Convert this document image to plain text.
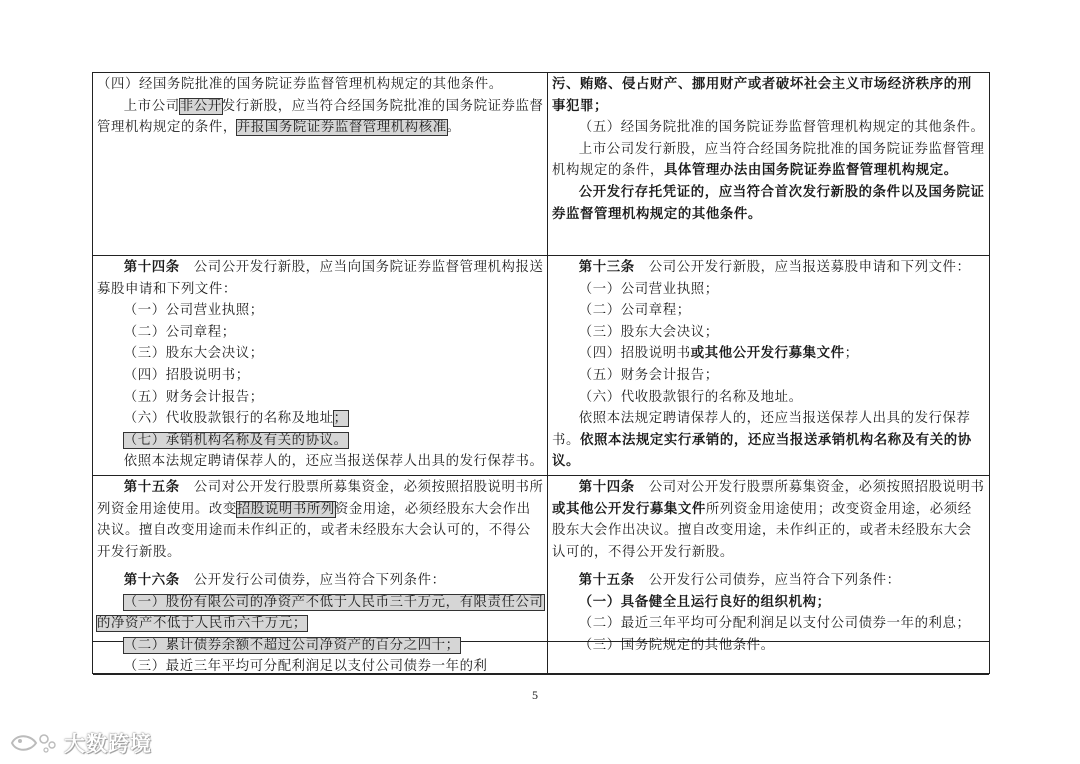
（四）经国务院批准的国务院证券监督管理机构规定的其他条件。

上市公司非公开发行新股，应当符合经国务院批准的国务院证券监督管理机构规定的条件，并报国务院证券监督管理机构核准。

污、贿赂、侵占财产、挪用财产或者破坏社会主义市场经济秩序的刑事犯罪；

（五）经国务院批准的国务院证券监督管理机构规定的其他条件。

上市公司发行新股，应当符合经国务院批准的国务院证券监督管理机构规定的条件，具体管理办法由国务院证券监督管理机构规定。

公开发行存托凭证的，应当符合首次发行新股的条件以及国务院证券监督管理机构规定的其他条件。

第十四条　公司公开发行新股，应当向国务院证券监督管理机构报送募股申请和下列文件：

（一）公司营业执照；

（二）公司章程；

（三）股东大会决议；

（四）招股说明书；

（五）财务会计报告；

（六）代收股款银行的名称及地址；

（七）承销机构名称及有关的协议。

依照本法规定聘请保荐人的，还应当报送保荐人出具的发行保荐书。

第十三条　公司公开发行新股，应当报送募股申请和下列文件：

（一）公司营业执照；

（二）公司章程；

（三）股东大会决议；

（四）招股说明书或其他公开发行募集文件；

（五）财务会计报告；

（六）代收股款银行的名称及地址。

依照本法规定聘请保荐人的，还应当报送保荐人出具的发行保荐书。依照本法规定实行承销的，还应当报送承销机构名称及有关的协议。

第十五条　公司对公开发行股票所募集资金，必须按照招股说明书所列资金用途使用。改变招股说明书所列资金用途，必须经股东大会作出决议。擅自改变用途而未作纠正的，或者未经股东大会认可的，不得公开发行新股。

第十四条　公司对公开发行股票所募集资金，必须按照招股说明书或其他公开发行募集文件所列资金用途使用；改变资金用途，必须经股东大会作出决议。擅自改变用途，未作纠正的，或者未经股东大会认可的，不得公开发行新股。

第十六条　公开发行公司债券，应当符合下列条件：

（一）股份有限公司的净资产不低于人民币三千万元，有限责任公司的净资产不低于人民币六千万元；

（二）累计债券余额不超过公司净资产的百分之四十；

（三）最近三年平均可分配利润足以支付公司债券一年的利

第十五条　公开发行公司债券，应当符合下列条件：

（一）具备健全且运行良好的组织机构；

（二）最近三年平均可分配利润足以支付公司债券一年的利息；

（三）国务院规定的其他条件。

5
大数跨境
